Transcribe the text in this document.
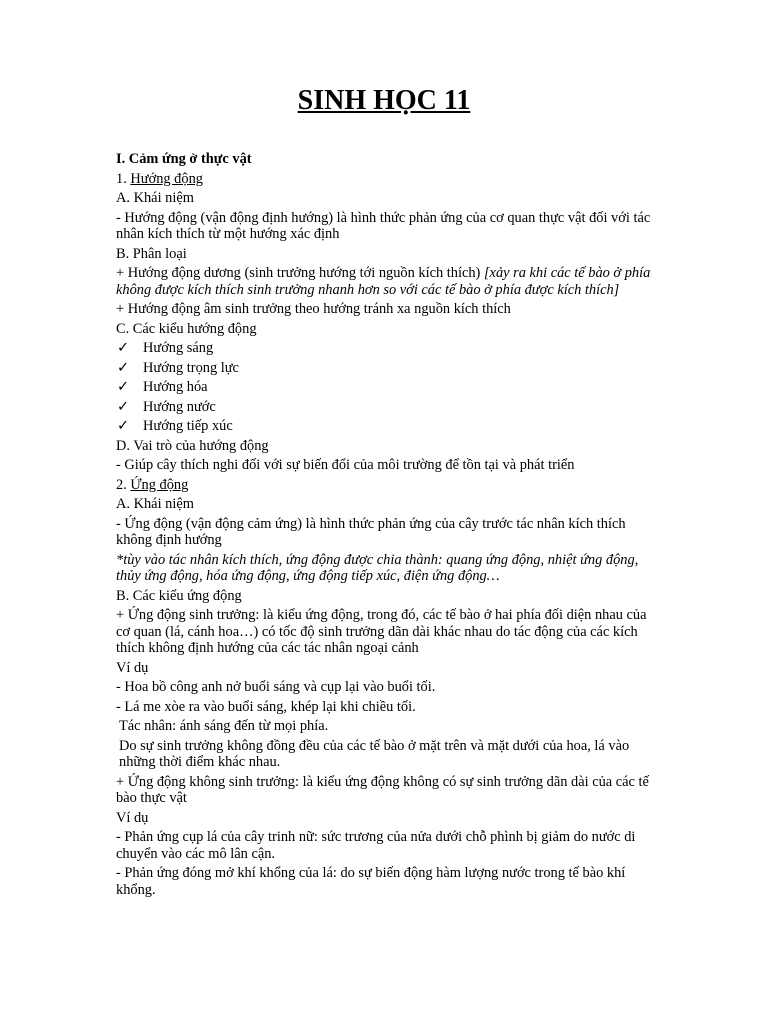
SINH HỌC 11

I. Cảm ứng ở thực vật

1. Hướng động

A. Khái niệm

- Hướng động (vận động định hướng) là hình thức phản ứng của cơ quan thực vật đối với tác nhân kích thích từ một hướng xác định

B. Phân loại

+ Hướng động dương (sinh trưởng hướng tới nguồn kích thích) [xảy ra khi các tế bào ở phía không được kích thích sinh trưởng nhanh hơn so với các tế bào ở phía được kích thích]

+ Hướng động âm sinh trưởng theo hướng tránh xa nguồn kích thích

C. Các kiểu hướng động

✓ Hướng sáng
✓ Hướng trọng lực
✓ Hướng hóa
✓ Hướng nước
✓ Hướng tiếp xúc

D. Vai trò của hướng động

- Giúp cây thích nghi đối với sự biến đổi của môi trường để tồn tại và phát triển

2. Ứng động

A. Khái niệm

- Ứng động (vận động cảm ứng) là hình thức phản ứng của cây trước tác nhân kích thích không định hướng

*tùy vào tác nhân kích thích, ứng động được chia thành: quang ứng động, nhiệt ứng động, thủy ứng động, hóa ứng động, ứng động tiếp xúc, điện ứng động…

B. Các kiểu ứng động

+ Ứng động sinh trưởng: là kiểu ứng động, trong đó, các tế bào ở hai phía đối diện nhau của cơ quan (lá, cánh hoa…) có tốc độ sinh trưởng dãn dài khác nhau do tác động của các kích thích không định hướng của các tác nhân ngoại cảnh

Ví dụ

- Hoa bồ công anh nở buổi sáng và cụp lại vào buổi tối.

- Lá me xòe ra vào buổi sáng, khép lại khi chiều tối.

Tác nhân: ánh sáng đến từ mọi phía.

Do sự sinh trưởng không đồng đều của các tế bào ở mặt trên và mặt dưới của hoa, lá vào những thời điểm khác nhau.

+ Ứng động không sinh trưởng: là kiểu ứng động không có sự sinh trưởng dãn dài của các tế bào thực vật

Ví dụ

- Phản ứng cụp lá của cây trinh nữ: sức trương của nửa dưới chỗ phình bị giảm do nước di chuyển vào các mô lân cận.

- Phản ứng đóng mở khí khổng của lá: do sự biến động hàm lượng nước trong tế bào khí khổng.
